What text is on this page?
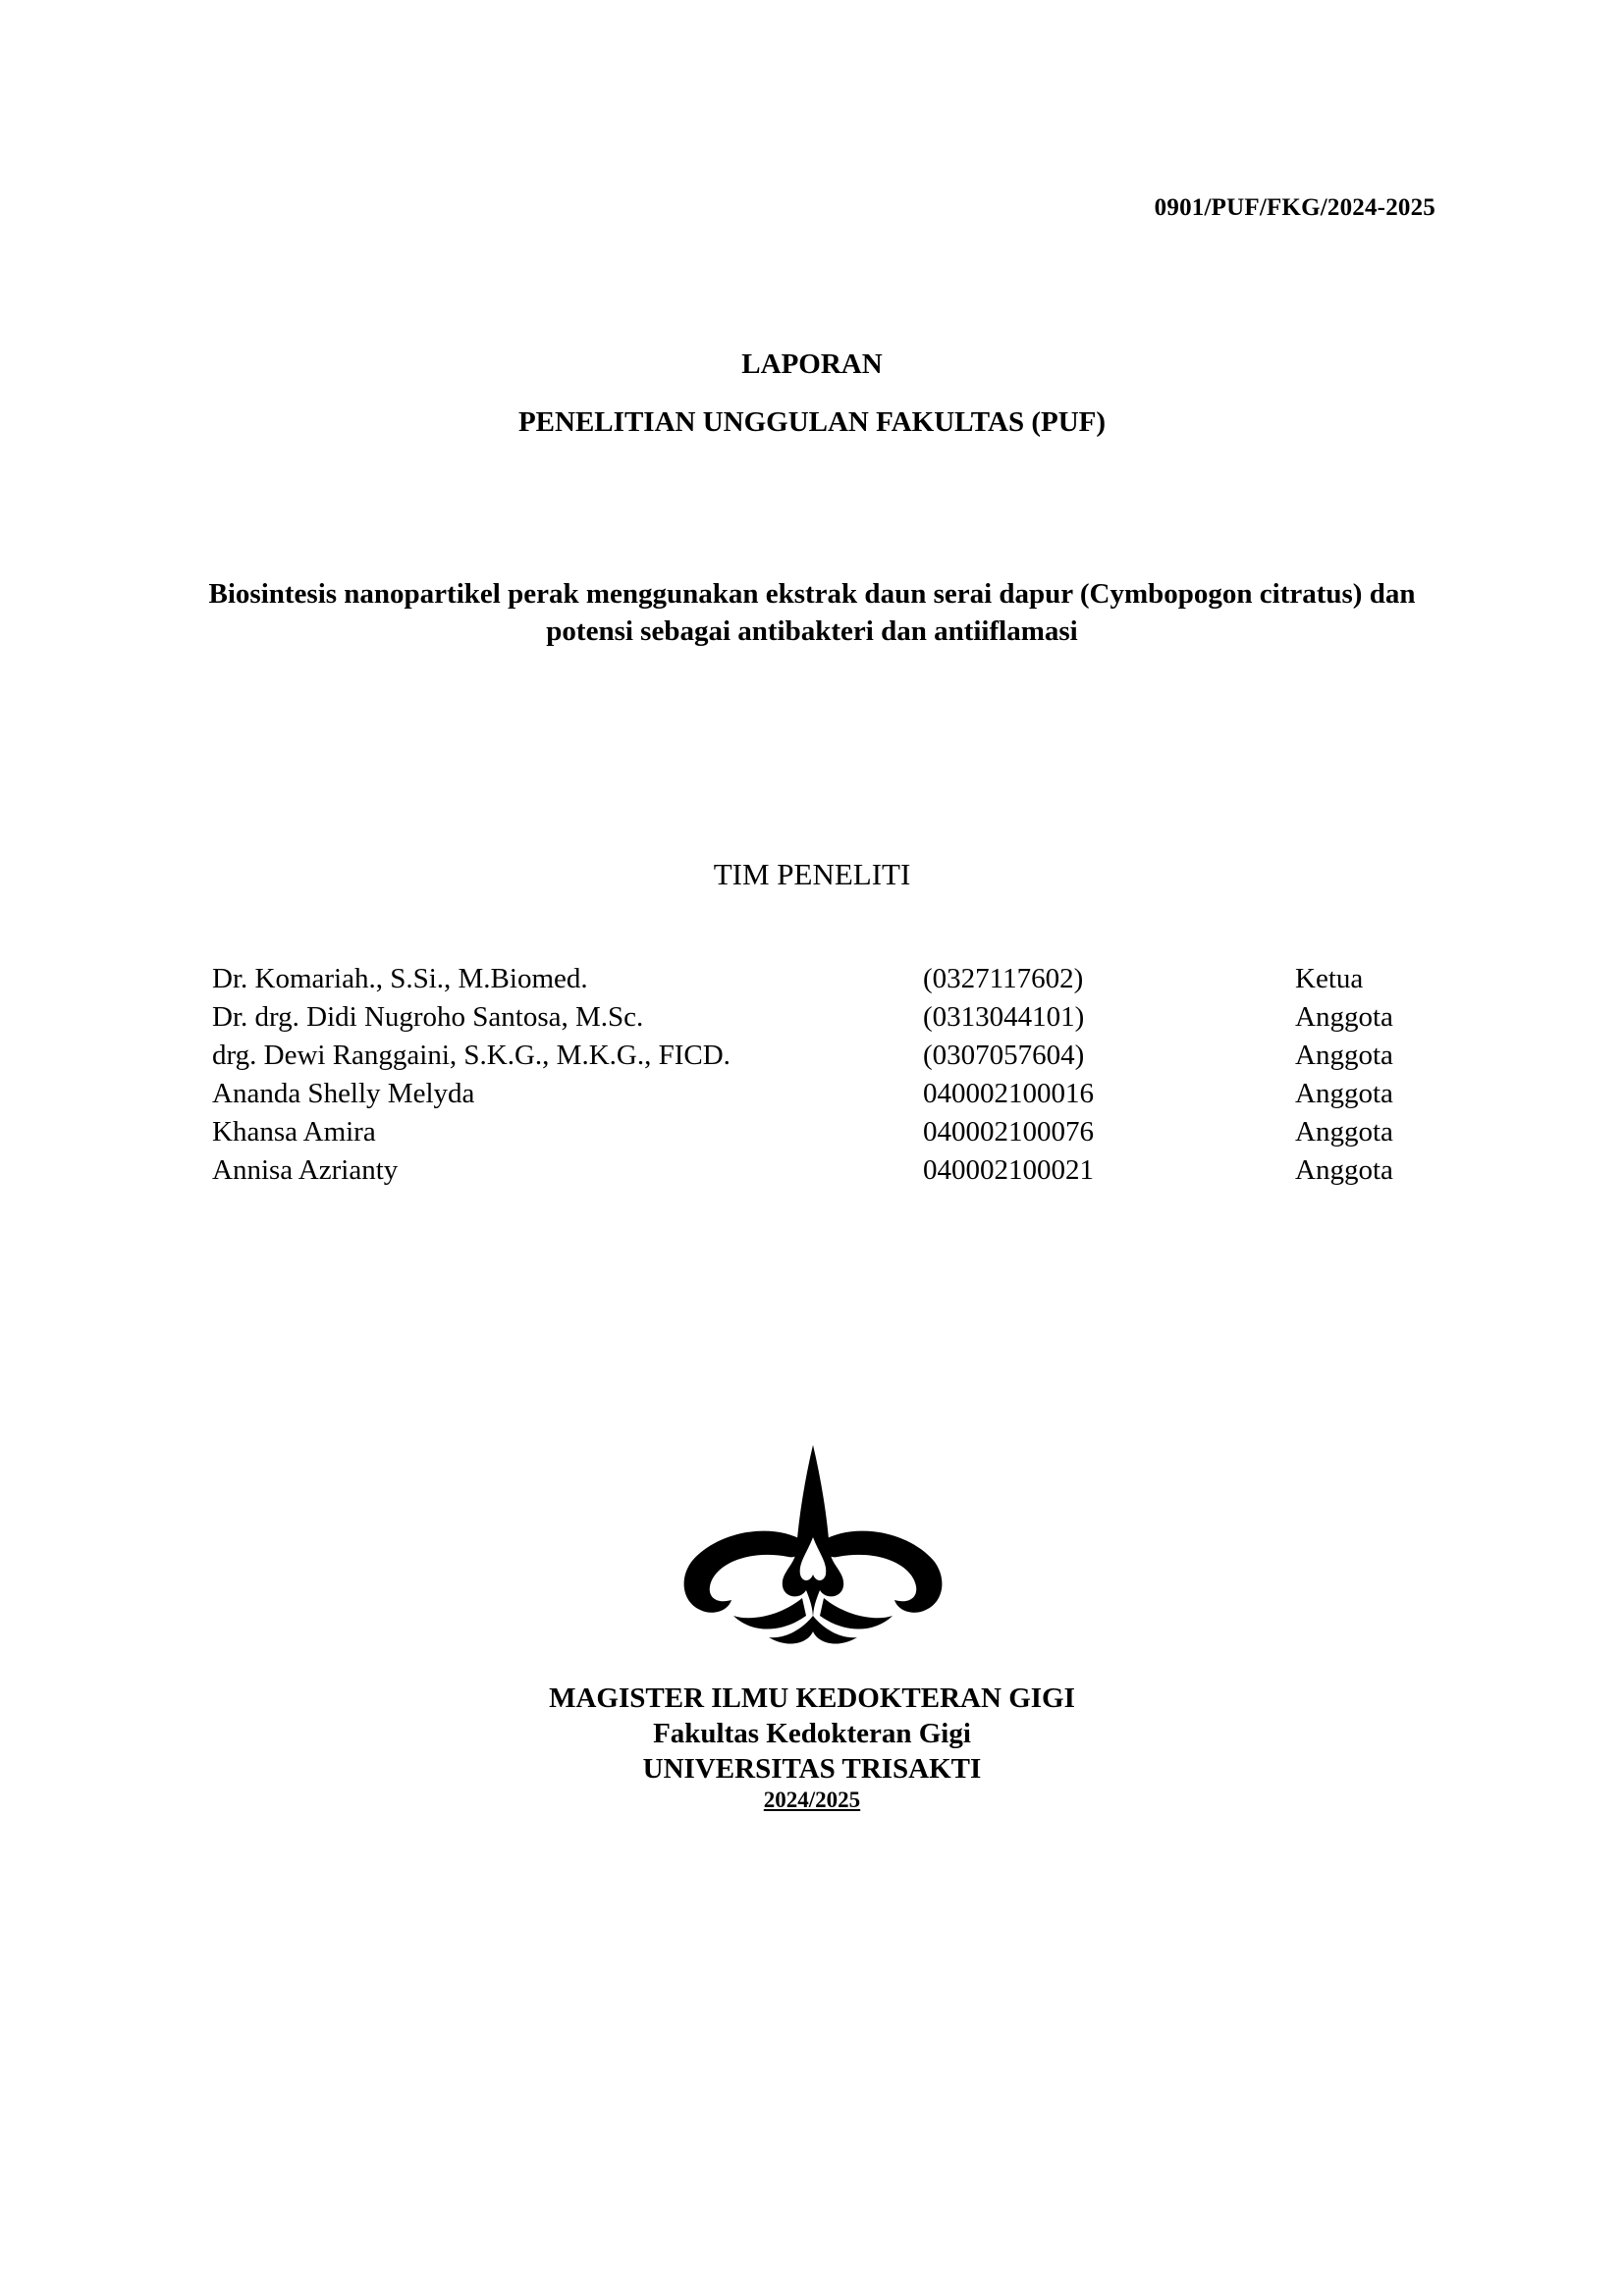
0901/PUF/FKG/2024-2025
LAPORAN
PENELITIAN UNGGULAN FAKULTAS (PUF)
Biosintesis nanopartikel perak menggunakan ekstrak daun serai dapur (Cymbopogon citratus) dan potensi sebagai antibakteri dan antiiflamasi
TIM PENELITI
Dr. Komariah., S.Si., M.Biomed.	(0327117602)	Ketua
Dr. drg. Didi Nugroho Santosa, M.Sc.	(0313044101)	Anggota
drg. Dewi Ranggaini, S.K.G., M.K.G., FICD.	(0307057604)	Anggota
Ananda Shelly Melyda	040002100016	Anggota
Khansa Amira	040002100076	Anggota
Annisa Azrianty	040002100021	Anggota
MAGISTER ILMU KEDOKTERAN GIGI
Fakultas Kedokteran Gigi
UNIVERSITAS TRISAKTI
2024/2025
